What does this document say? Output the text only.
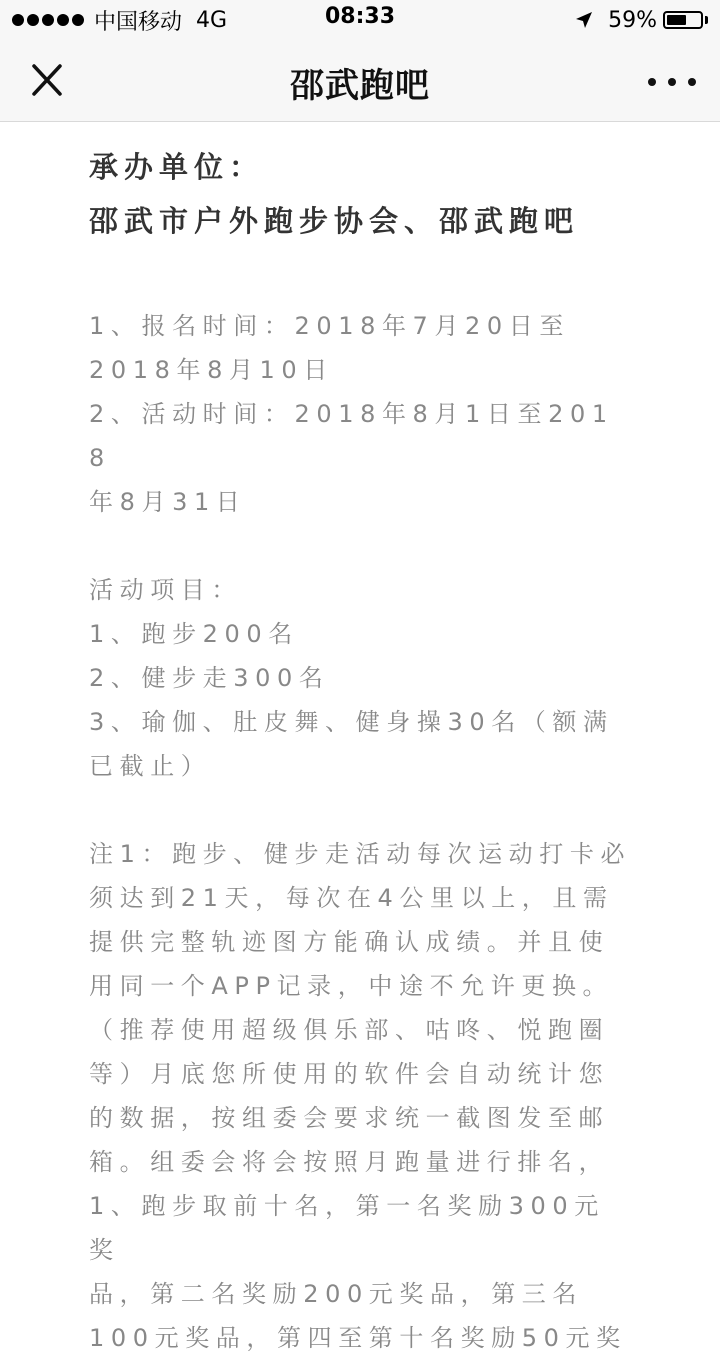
中国移动 4G	08:33	59%
邵武跑吧

承办单位：

邵武市户外跑步协会、邵武跑吧

1、报名时间：2018年7月20日至

2018年8月10日

2、活动时间：2018年8月1日至2018

年8月31日

活动项目：

1、跑步200名

2、健步走300名

3、瑜伽、肚皮舞、健身操30名（额满

已截止）

注1：跑步、健步走活动每次运动打卡必

须达到21天，每次在4公里以上，且需

提供完整轨迹图方能确认成绩。并且使

用同一个APP记录，中途不允许更换。

（推荐使用超级俱乐部、咕咚、悦跑圈

等）月底您所使用的软件会自动统计您

的数据，按组委会要求统一截图发至邮

箱。组委会将会按照月跑量进行排名，

1、跑步取前十名，第一名奖励300元奖

品，第二名奖励200元奖品，第三名

100元奖品，第四至第十名奖励50元奖
